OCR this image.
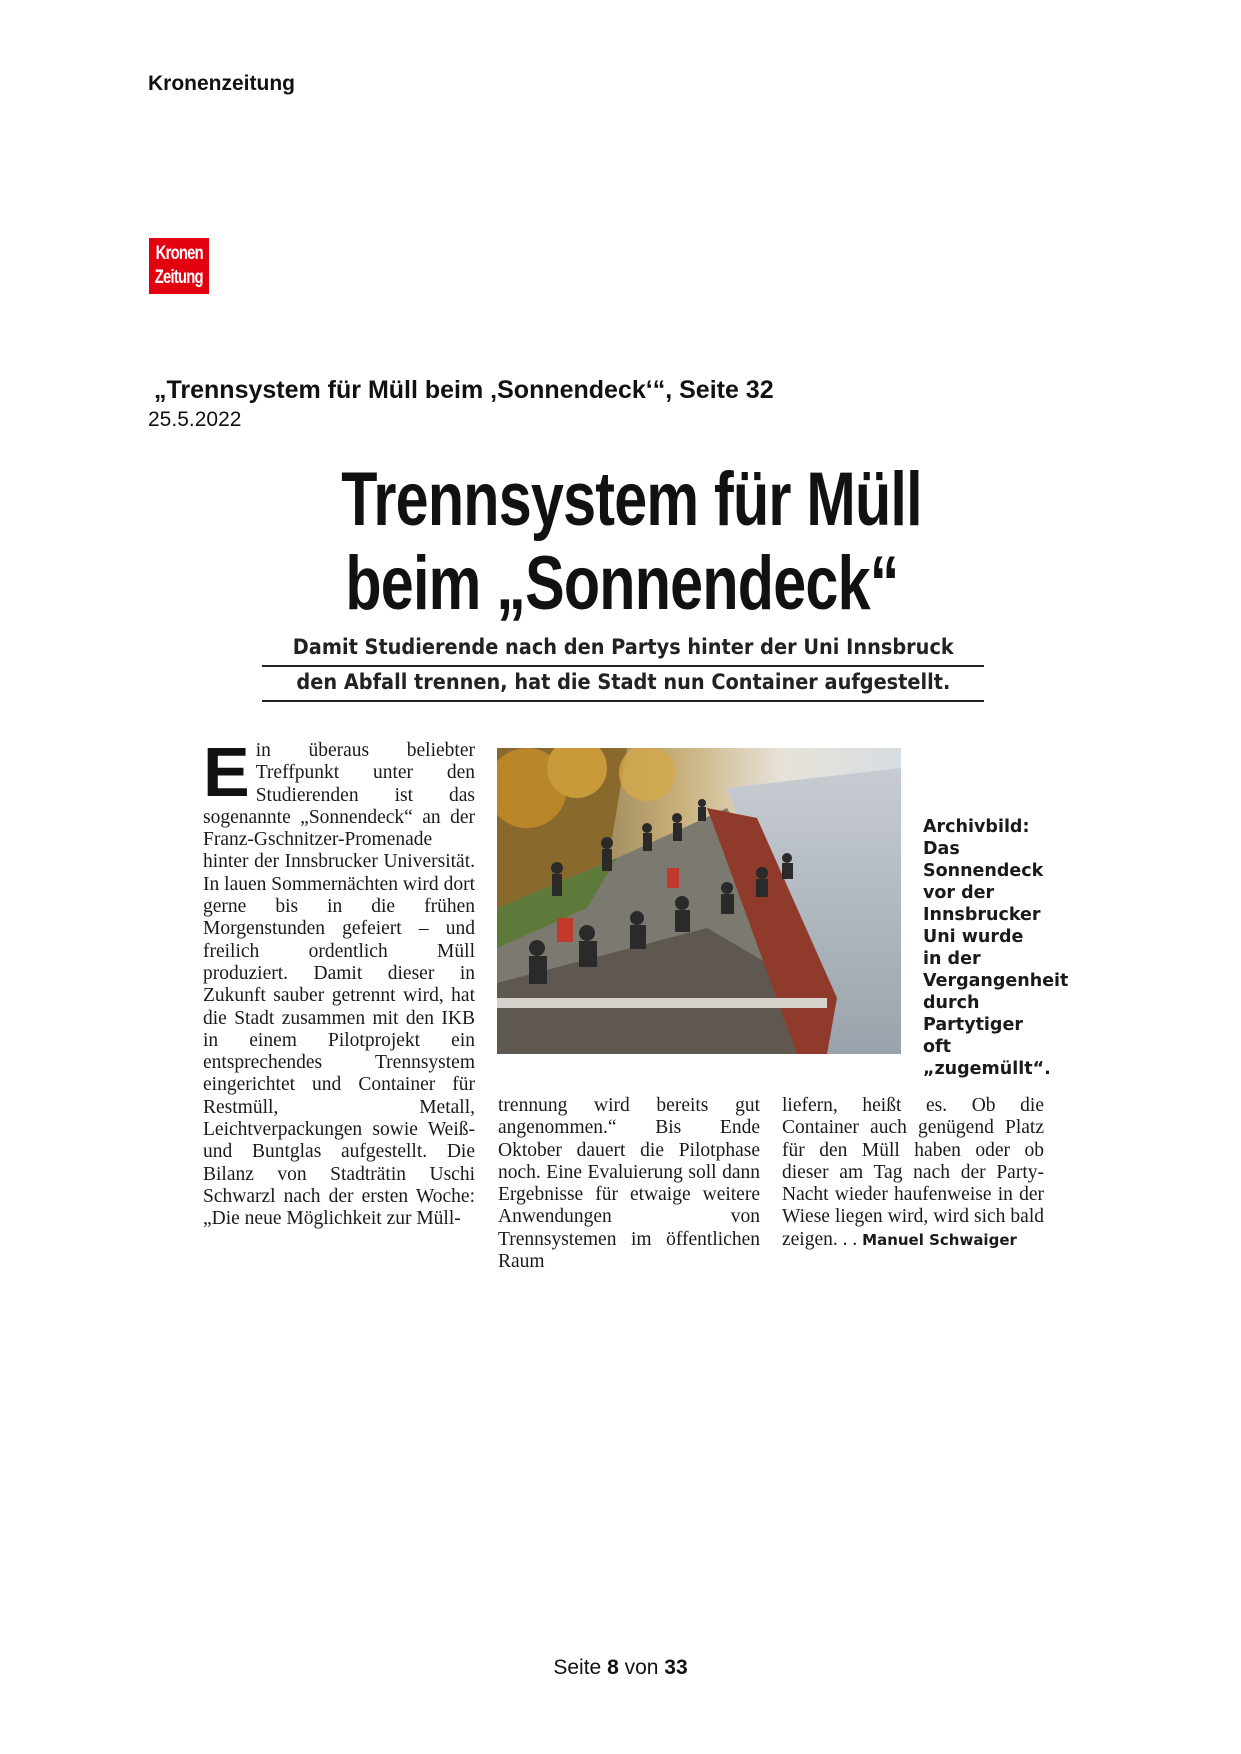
Kronenzeitung
Kronen
Zeitung
„Trennsystem für Müll beim ‚Sonnendeck‘“, Seite 32
25.5.2022
Trennsystem für Müll
beim „Sonnendeck“
Damit Studierende nach den Partys hinter der Uni Innsbruck
den Abfall trennen, hat die Stadt nun Container aufgestellt.
Ein überaus beliebter Treffpunkt unter den Studierenden ist das sogenannte „Sonnendeck“ an der Franz-Gschnitzer-Promenade hinter der Innsbrucker Universität. In lauen Sommernächten wird dort gerne bis in die frühen Morgenstunden gefeiert – und freilich ordentlich Müll produziert. Damit dieser in Zukunft sauber getrennt wird, hat die Stadt zusammen mit den IKB in einem Pilotprojekt ein entsprechendes Trennsystem eingerichtet und Container für Restmüll, Metall, Leichtverpackungen sowie Weiß- und Buntglas aufgestellt. Die Bilanz von Stadträtin Uschi Schwarzl nach der ersten Woche: „Die neue Möglichkeit zur Müll-
Archivbild: Das Sonnendeck vor der Innsbrucker Uni wurde in der Vergangenheit durch Partytiger oft „zugemüllt“.
trennung wird bereits gut angenommen.“ Bis Ende Oktober dauert die Pilotphase noch. Eine Evaluierung soll dann Ergebnisse für etwaige weitere Anwendungen von Trennsystemen im öffentlichen Raum
liefern, heißt es. Ob die Container auch genügend Platz für den Müll haben oder ob dieser am Tag nach der Party-Nacht wieder haufenweise in der Wiese liegen wird, wird sich bald zeigen. . . Manuel Schwaiger
Seite 8 von 33
